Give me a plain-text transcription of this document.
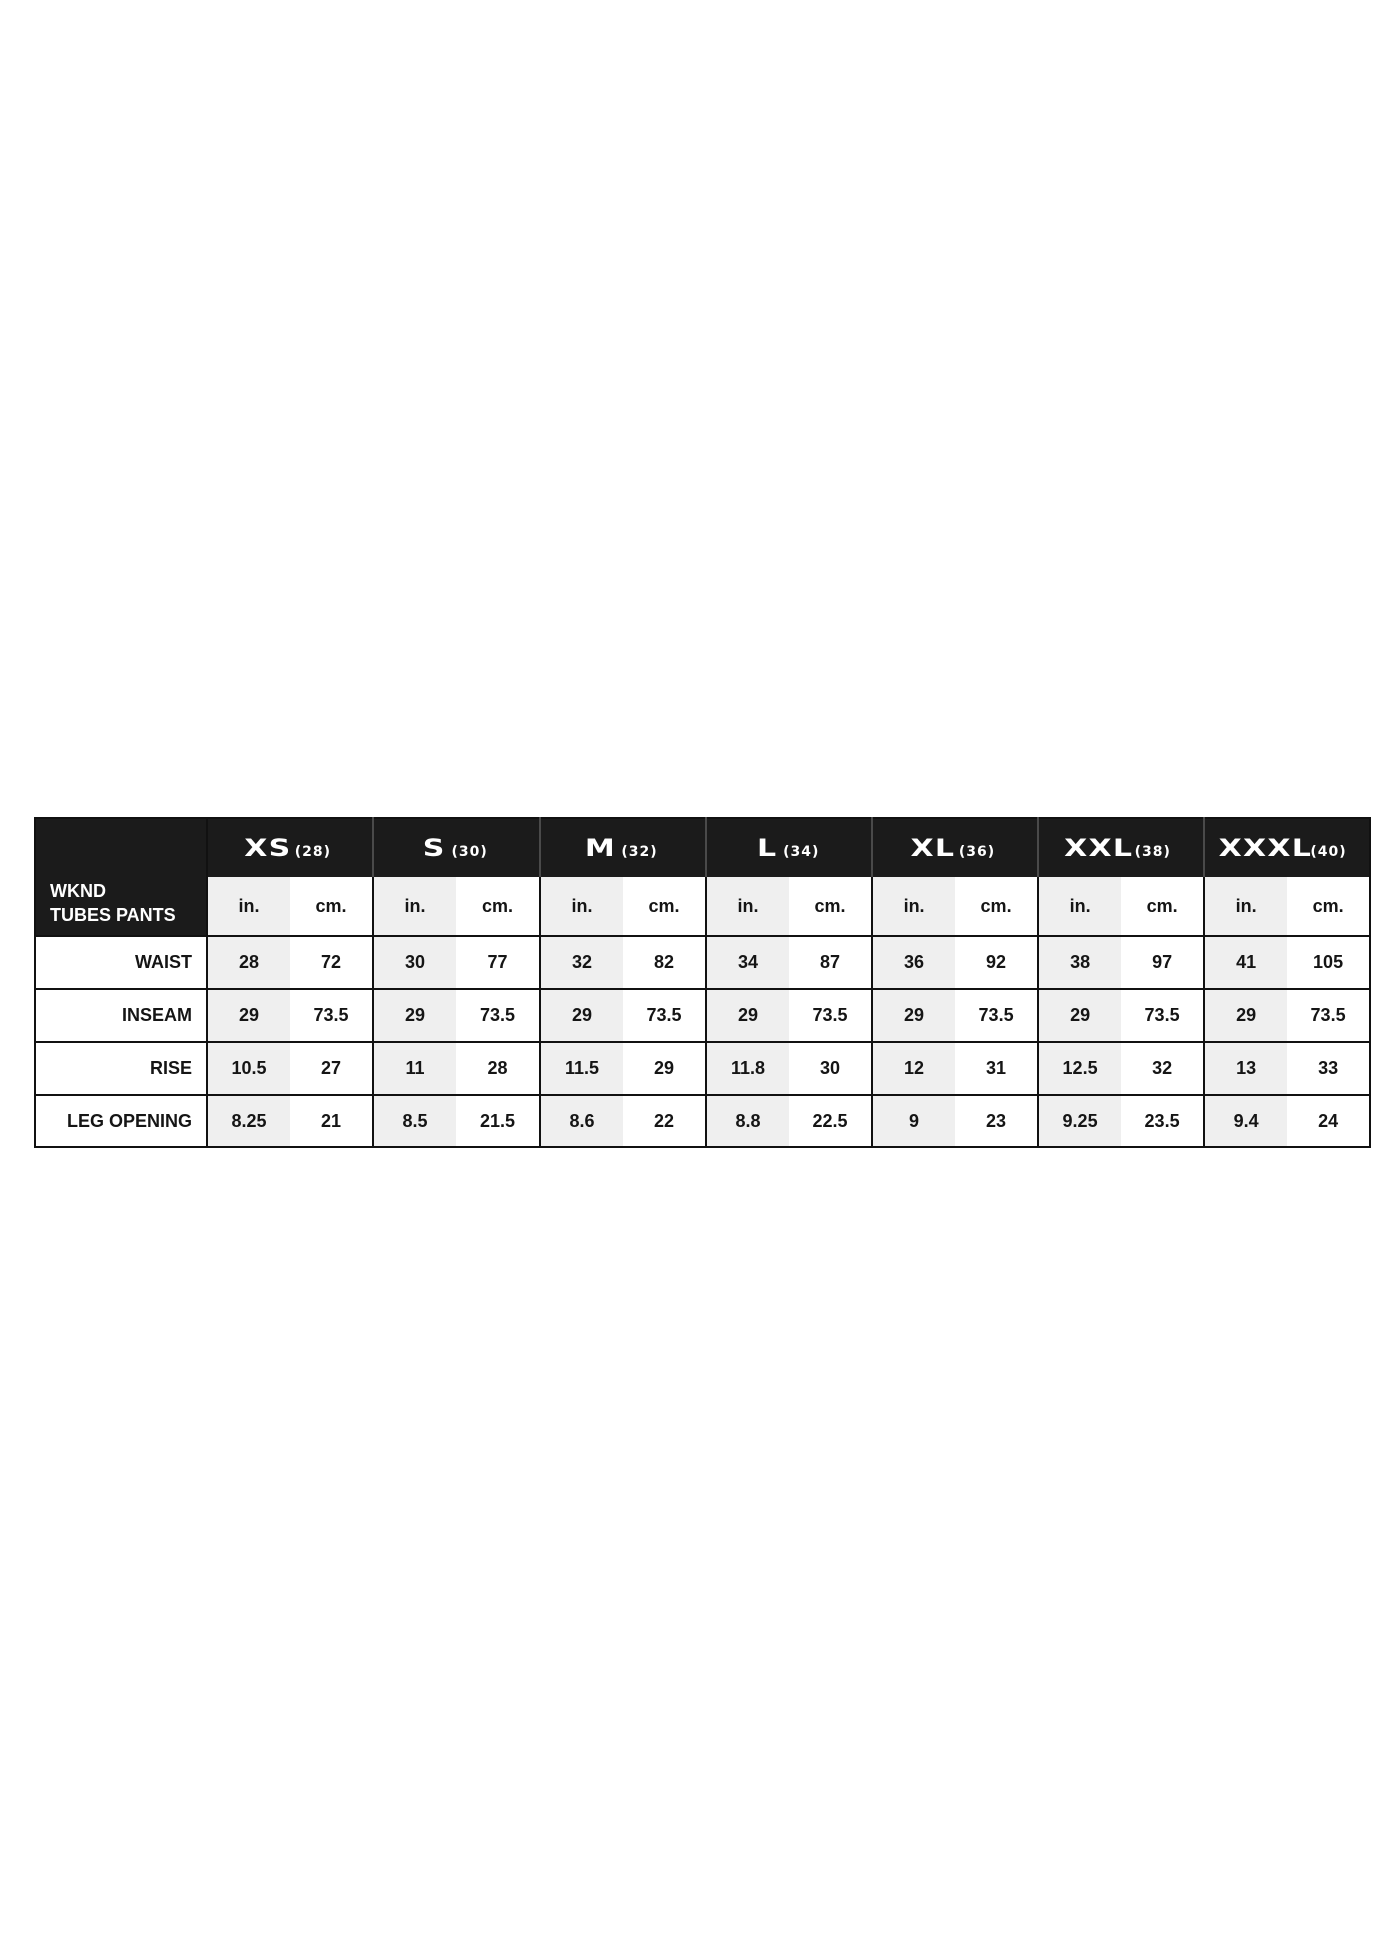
WKND
TUBES PANTS	XS (28)		S (30)		M (32)		L (34)		XL (36)		XXL(38)		XXXL(40)	
	in.	cm.	in.	cm.	in.	cm.	in.	cm.	in.	cm.	in.	cm.	in.	cm.
WAIST	28	72	30	77	32	82	34	87	36	92	38	97	41	105
INSEAM	29	73.5	29	73.5	29	73.5	29	73.5	29	73.5	29	73.5	29	73.5
RISE	10.5	27	11	28	11.5	29	11.8	30	12	31	12.5	32	13	33
LEG OPENING	8.25	21	8.5	21.5	8.6	22	8.8	22.5	9	23	9.25	23.5	9.4	24
